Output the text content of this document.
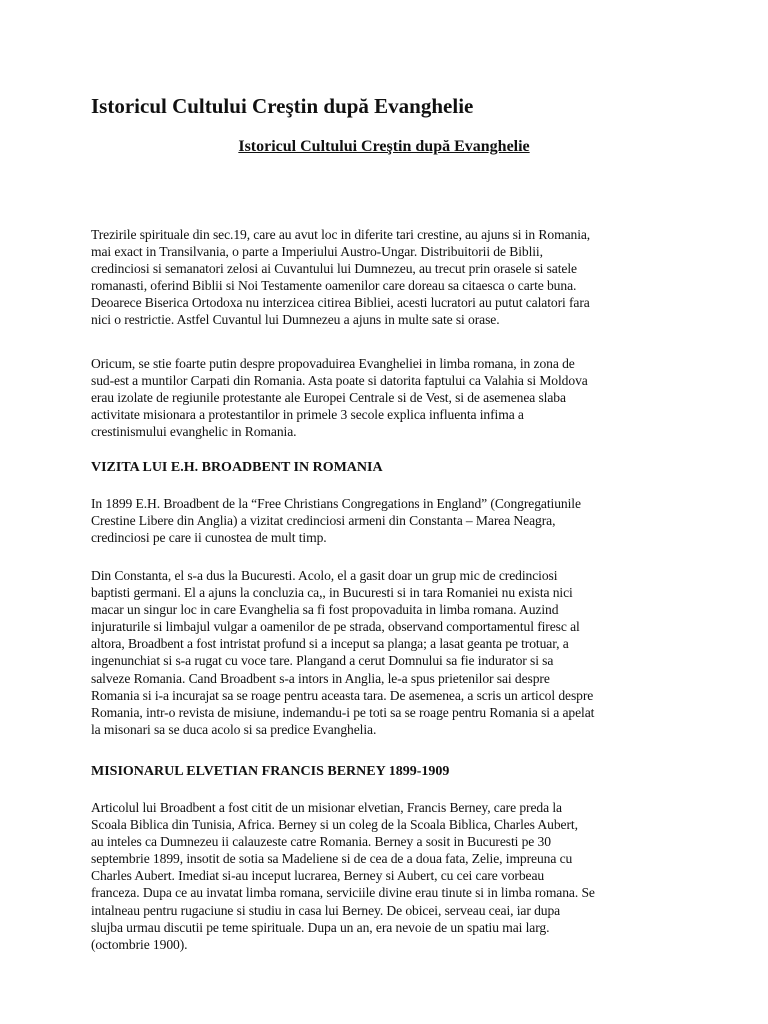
Istoricul Cultului Creştin după Evanghelie
Istoricul Cultului Creştin după Evanghelie

Trezirile spirituale din sec.19, care au avut loc in diferite tari crestine, au ajuns si in Romania,
mai exact in Transilvania, o parte a Imperiului Austro-Ungar. Distribuitorii de Biblii,
credinciosi si semanatori zelosi ai Cuvantului lui Dumnezeu, au trecut prin orasele si satele
romanasti, oferind Biblii si Noi Testamente oamenilor care doreau sa citaesca o carte buna.
Deoarece Biserica Ortodoxa nu interzicea citirea Bibliei, acesti lucratori au putut calatori fara
nici o restrictie. Astfel Cuvantul lui Dumnezeu a ajuns in multe sate si orase.

Oricum, se stie foarte putin despre propovaduirea Evangheliei in limba romana, in zona de
sud-est a muntilor Carpati din Romania. Asta poate si datorita faptului ca Valahia si Moldova
erau izolate de regiunile protestante ale Europei Centrale si de Vest, si de asemenea slaba
activitate misionara a protestantilor in primele 3 secole explica influenta infima a
crestinismului evanghelic in Romania.

VIZITA LUI E.H. BROADBENT IN ROMANIA

In 1899 E.H. Broadbent de la “Free Christians Congregations in England” (Congregatiunile
Crestine Libere din Anglia) a vizitat credinciosi armeni din Constanta – Marea Neagra,
credinciosi pe care ii cunostea de mult timp.

Din Constanta, el s-a dus la Bucuresti. Acolo, el a gasit doar un grup mic de credinciosi
baptisti germani. El a ajuns la concluzia ca,, in Bucuresti si in tara Romaniei nu exista nici
macar un singur loc in care Evanghelia sa fi fost propovaduita in limba romana. Auzind
injuraturile si limbajul vulgar a oamenilor de pe strada, observand comportamentul firesc al
altora, Broadbent a fost intristat profund si a inceput sa planga; a lasat geanta pe trotuar, a
ingenunchiat si s-a rugat cu voce tare. Plangand a cerut Domnului sa fie indurator si sa
salveze Romania. Cand Broadbent s-a intors in Anglia, le-a spus prietenilor sai despre
Romania si i-a incurajat sa se roage pentru aceasta tara. De asemenea, a scris un articol despre
Romania, intr-o revista de misiune, indemandu-i pe toti sa se roage pentru Romania si a apelat
la misonari sa se duca acolo si sa predice Evanghelia.

MISIONARUL ELVETIAN FRANCIS BERNEY 1899-1909

Articolul lui Broadbent a fost citit de un misionar elvetian, Francis Berney, care preda la
Scoala Biblica din Tunisia, Africa. Berney si un coleg de la Scoala Biblica, Charles Aubert,
au inteles ca Dumnezeu ii calauzeste catre Romania. Berney a sosit in Bucuresti pe 30
septembrie 1899, insotit de sotia sa Madeliene si de cea de a doua fata, Zelie, impreuna cu
Charles Aubert. Imediat si-au inceput lucrarea, Berney si Aubert, cu cei care vorbeau
franceza. Dupa ce au invatat limba romana, serviciile divine erau tinute si in limba romana. Se
intalneau pentru rugaciune si studiu in casa lui Berney. De obicei, serveau ceai, iar dupa
slujba urmau discutii pe teme spirituale. Dupa un an, era nevoie de un spatiu mai larg.
(octombrie 1900).
